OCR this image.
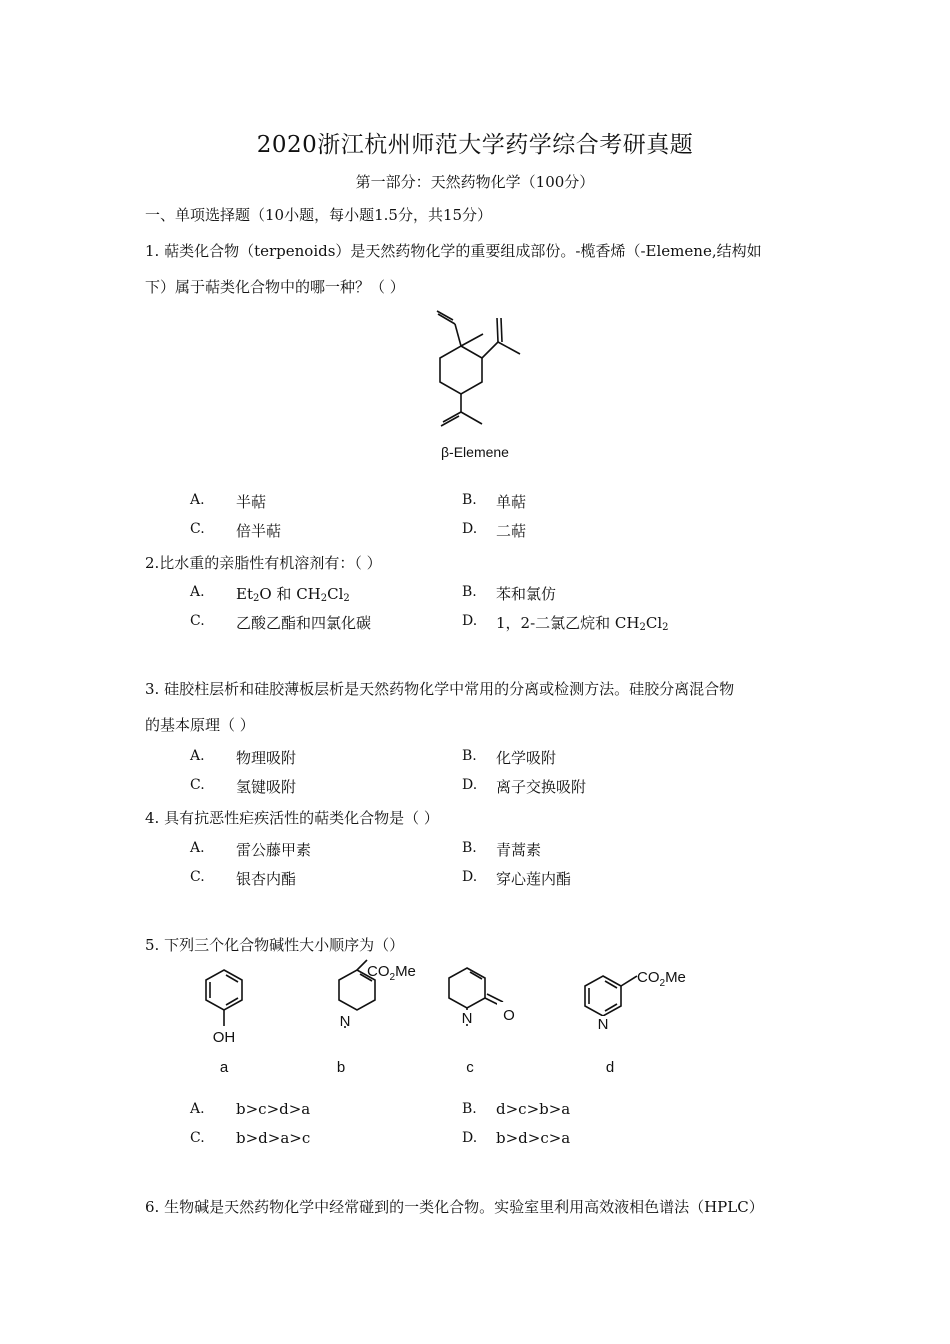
2020浙江杭州师范大学药学综合考研真题
第一部分：天然药物化学（100分）
一、单项选择题（10小题，每小题1.5分，共15分）
1. 萜类化合物（terpenoids）是天然药物化学的重要组成部份。-榄香烯（-Elemene,结构如
下）属于萜类化合物中的哪一种？（ ）
β-Elemene
A. 半萜	B. 单萜
C. 倍半萜	D. 二萜
2.比水重的亲脂性有机溶剂有：（ ）
A. $Et_2O$ 和 $CH_2Cl_2$	B. 苯和氯仿
C. 乙酸乙酯和四氯化碳	D. 1，2-二氯乙烷和 $CH_2Cl_2$
3. 硅胶柱层析和硅胶薄板层析是天然药物化学中常用的分离或检测方法。硅胶分离混合物
的基本原理（ ）
A. 物理吸附	B. 化学吸附
C. 氢键吸附	D. 离子交换吸附
4. 具有抗恶性疟疾活性的萜类化合物是（ ）
A. 雷公藤甲素	B. 青蒿素
C. 银杏内酯	D. 穿心莲内酯
5. 下列三个化合物碱性大小顺序为（）
OH
N	N O
N
$CO_2Me$	$CO_2Me$
a	b	c	d
A. b>c>d>a	B. d>c>b>a
C. b>d>a>c	D. b>d>c>a
6. 生物碱是天然药物化学中经常碰到的一类化合物。实验室里利用高效液相色谱法（HPLC）
